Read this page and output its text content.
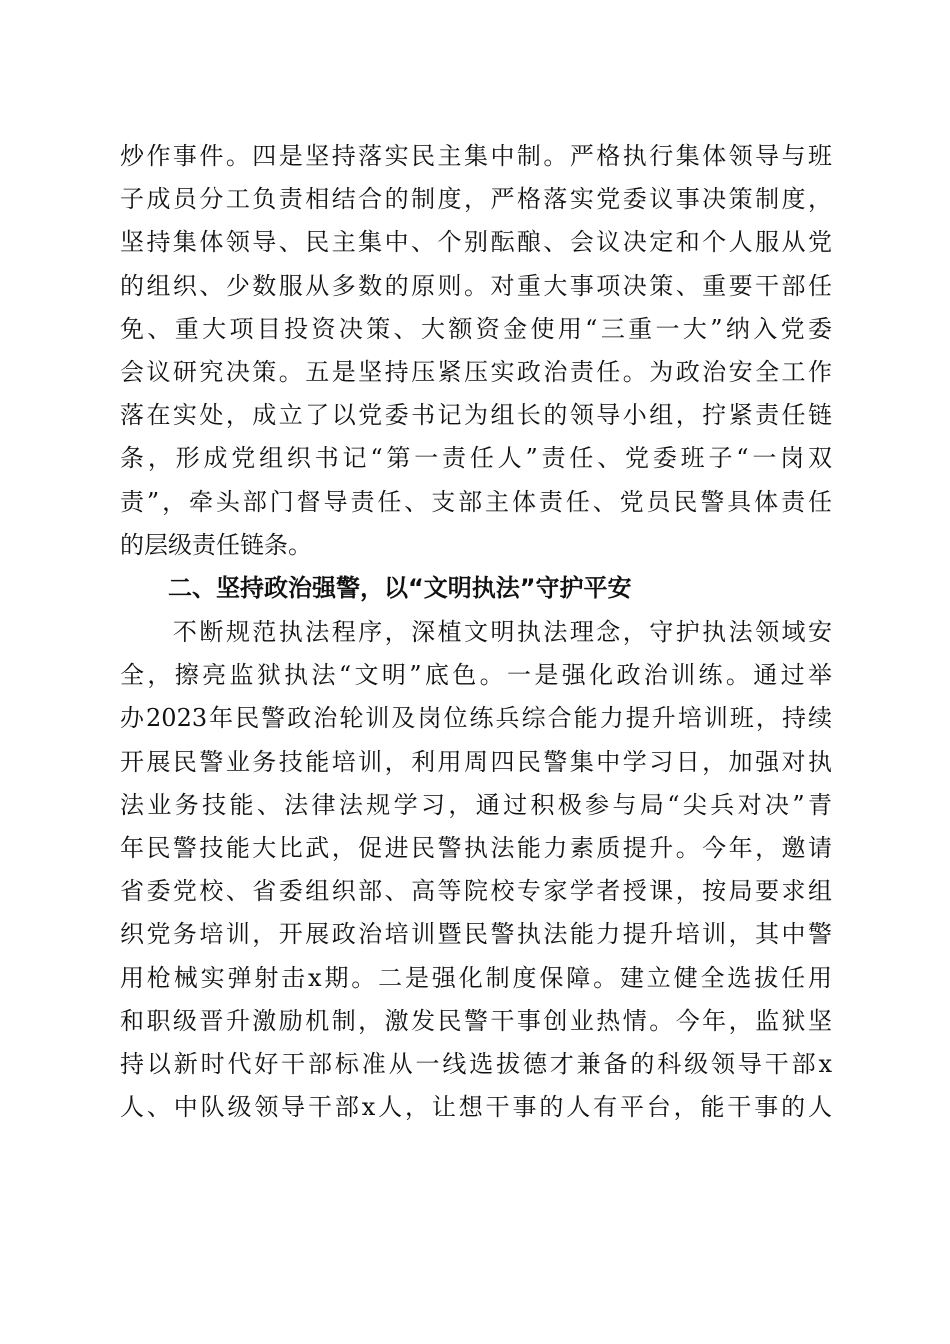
炒作事件。四是坚持落实民主集中制。严格执行集体领导与班
子成员分工负责相结合的制度，严格落实党委议事决策制度，
坚持集体领导、民主集中、个别酝酿、会议决定和个人服从党
的组织、少数服从多数的原则。对重大事项决策、重要干部任
免、重大项目投资决策、大额资金使用“三重一大”纳入党委
会议研究决策。五是坚持压紧压实政治责任。为政治安全工作
落在实处，成立了以党委书记为组长的领导小组，拧紧责任链
条，形成党组织书记“第一责任人”责任、党委班子“一岗双
责”，牵头部门督导责任、支部主体责任、党员民警具体责任
的层级责任链条。
二、坚持政治强警，以“文明执法”守护平安
　　不断规范执法程序，深植文明执法理念，守护执法领域安
全，擦亮监狱执法“文明”底色。一是强化政治训练。通过举
办2023年民警政治轮训及岗位练兵综合能力提升培训班，持续
开展民警业务技能培训，利用周四民警集中学习日，加强对执
法业务技能、法律法规学习，通过积极参与局“尖兵对决”青
年民警技能大比武，促进民警执法能力素质提升。今年，邀请
省委党校、省委组织部、高等院校专家学者授课，按局要求组
织党务培训，开展政治培训暨民警执法能力提升培训，其中警
用枪械实弹射击x期。二是强化制度保障。建立健全选拔任用
和职级晋升激励机制，激发民警干事创业热情。今年，监狱坚
持以新时代好干部标准从一线选拔德才兼备的科级领导干部x
人、中队级领导干部x人，让想干事的人有平台，能干事的人
